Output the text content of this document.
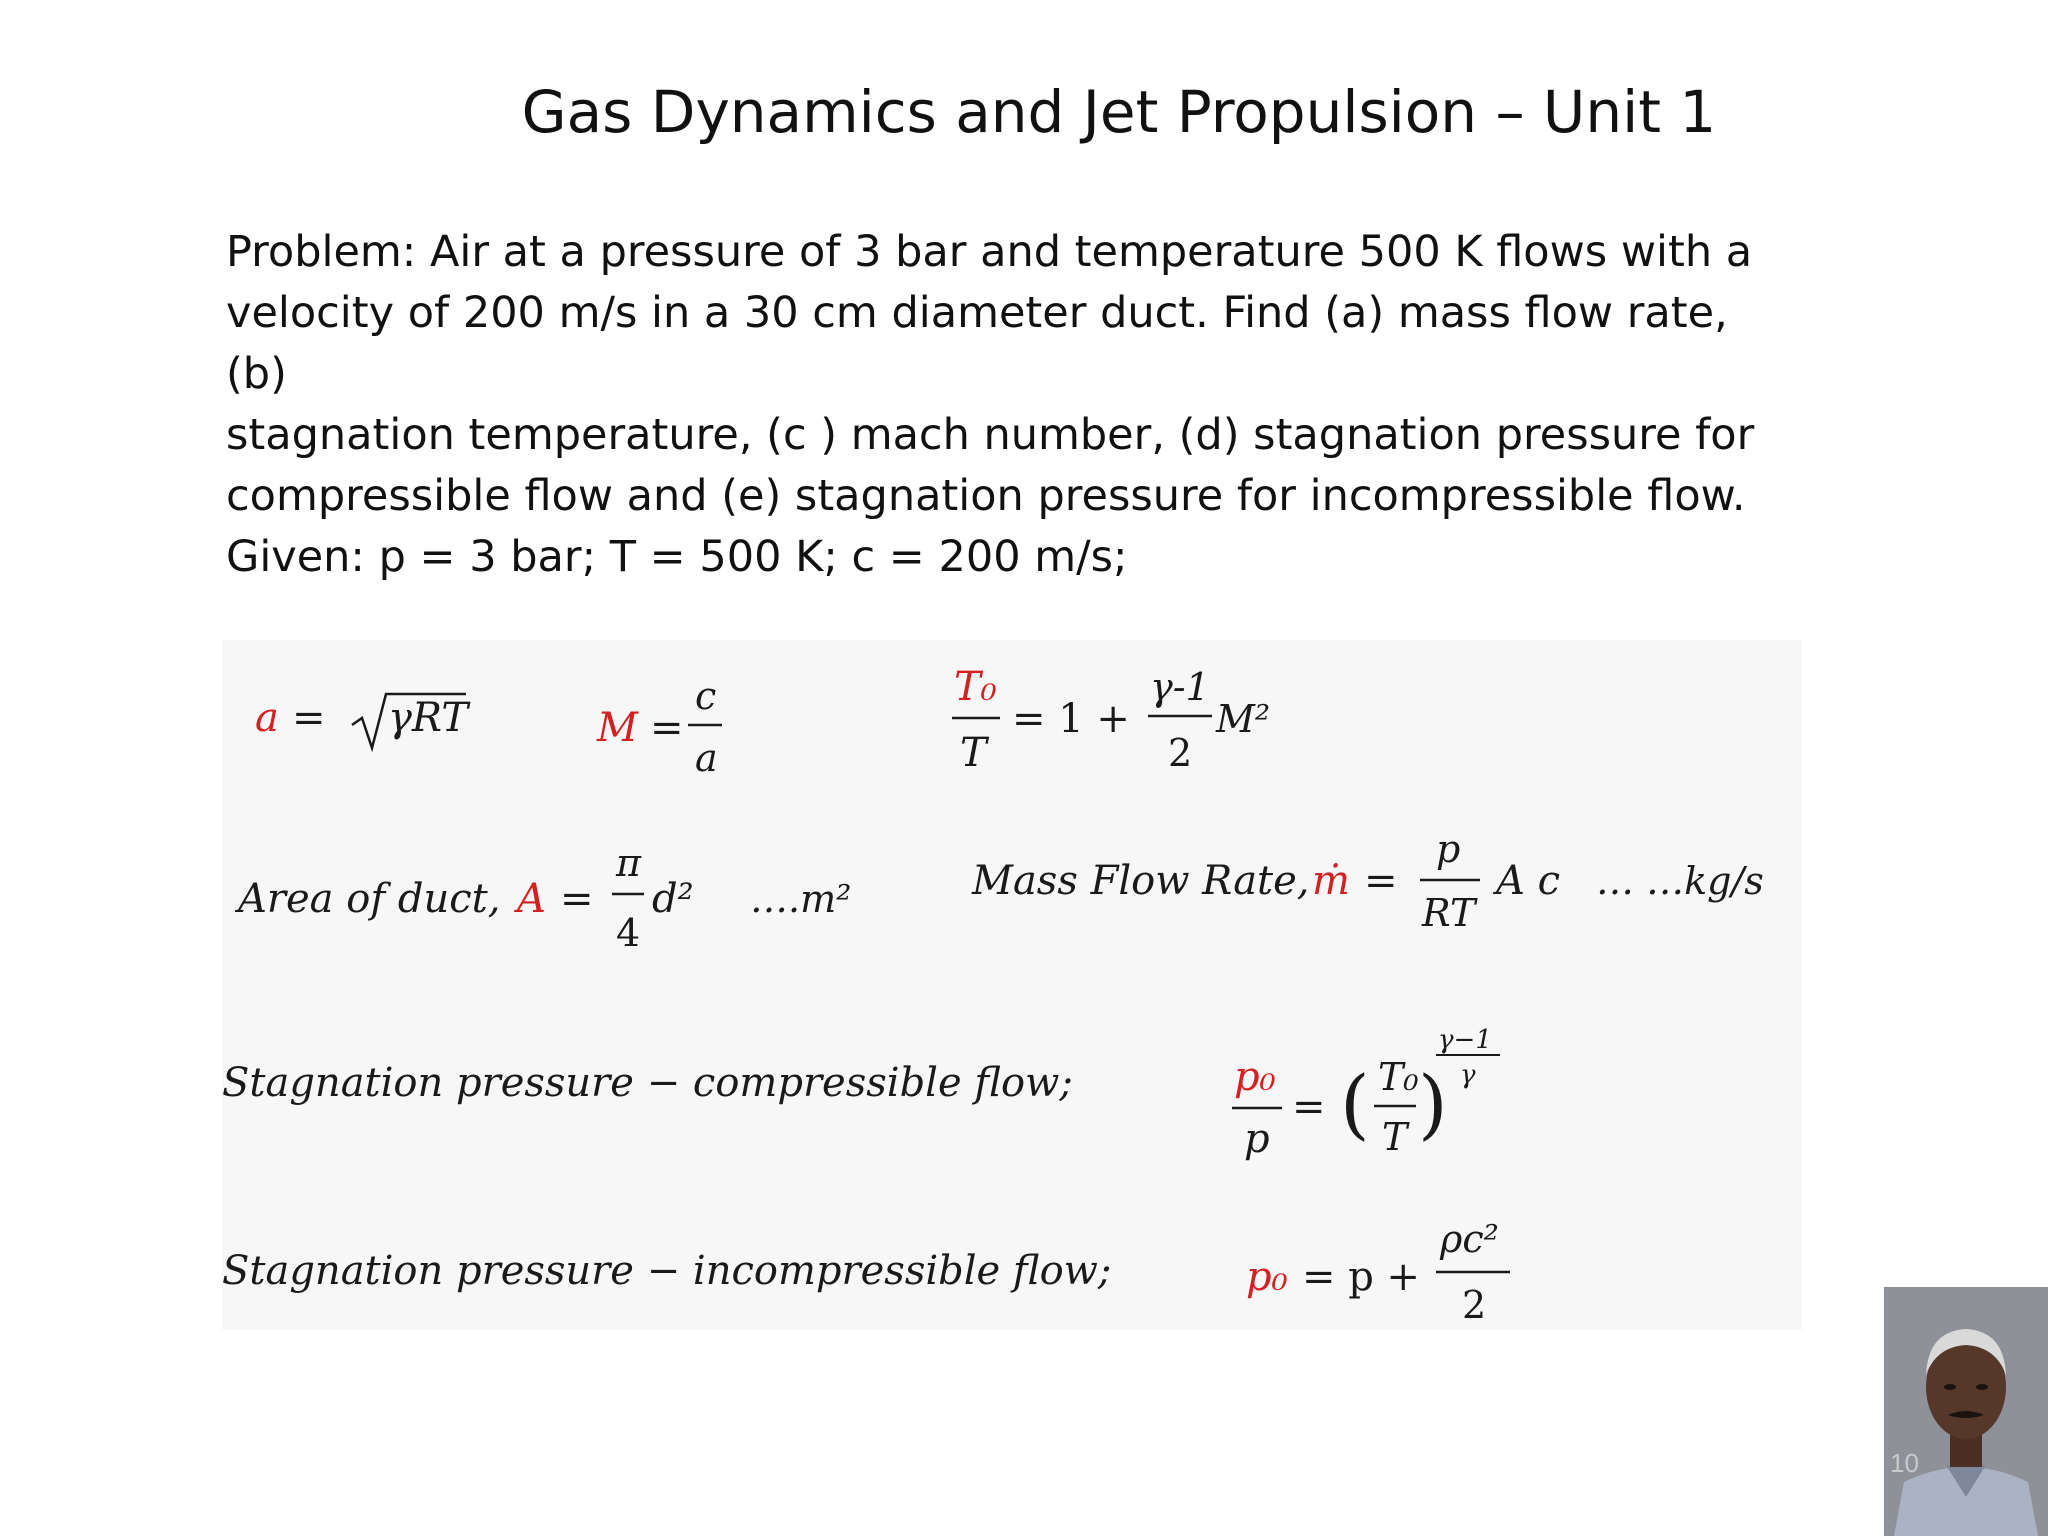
Gas Dynamics and Jet Propulsion – Unit 1

Problem: Air at a pressure of 3 bar and temperature 500 K flows with a

velocity of 200 m/s in a 30 cm diameter duct. Find (a) mass flow rate, (b)

stagnation temperature, (c ) mach number, (d) stagnation pressure for

compressible flow and (e) stagnation pressure for incompressible flow.

Given: p = 3 bar; T = 500 K; c = 200 m/s;

a = γRT	M =
c
a
T₀
T
= 1 +
γ-1
2
M²
Area of duct, A =
π
4
d² ….m²	Mass Flow Rate, ṁ =
p
RT
A c … …kg/s
Stagnation pressure − compressible flow;	p₀
p
= ( T₀
T )
γ−1
γ
Stagnation pressure − incompressible flow;	p₀ = p +
ρc²
2
10
